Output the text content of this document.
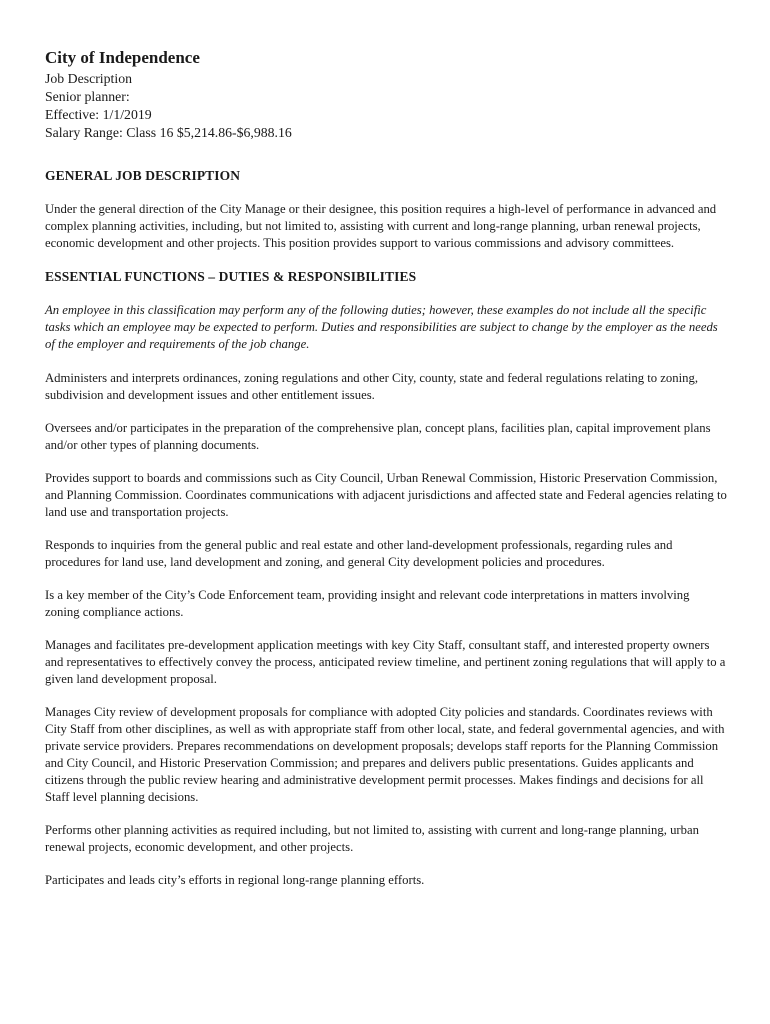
City of Independence

Job Description

Senior planner:

Effective: 1/1/2019

Salary Range: Class 16 $5,214.86-$6,988.16

GENERAL JOB DESCRIPTION

Under the general direction of the City Manage or their designee, this position requires a high-level of performance in advanced and complex planning activities, including, but not limited to, assisting with current and long-range planning, urban renewal projects, economic development and other projects. This position provides support to various commissions and advisory committees.

ESSENTIAL FUNCTIONS – DUTIES & RESPONSIBILITIES

An employee in this classification may perform any of the following duties; however, these examples do not include all the specific tasks which an employee may be expected to perform. Duties and responsibilities are subject to change by the employer as the needs of the employer and requirements of the job change.

Administers and interprets ordinances, zoning regulations and other City, county, state and federal regulations relating to zoning, subdivision and development issues and other entitlement issues.

Oversees and/or participates in the preparation of the comprehensive plan, concept plans, facilities plan, capital improvement plans and/or other types of planning documents.

Provides support to boards and commissions such as City Council, Urban Renewal Commission, Historic Preservation Commission, and Planning Commission. Coordinates communications with adjacent jurisdictions and affected state and Federal agencies relating to land use and transportation projects.

Responds to inquiries from the general public and real estate and other land-development professionals, regarding rules and procedures for land use, land development and zoning, and general City development policies and procedures.

Is a key member of the City’s Code Enforcement team, providing insight and relevant code interpretations in matters involving zoning compliance actions.

Manages and facilitates pre-development application meetings with key City Staff, consultant staff, and interested property owners and representatives to effectively convey the process, anticipated review timeline, and pertinent zoning regulations that will apply to a given land development proposal.

Manages City review of development proposals for compliance with adopted City policies and standards. Coordinates reviews with City Staff from other disciplines, as well as with appropriate staff from other local, state, and federal governmental agencies, and with private service providers. Prepares recommendations on development proposals; develops staff reports for the Planning Commission and City Council, and Historic Preservation Commission; and prepares and delivers public presentations. Guides applicants and citizens through the public review hearing and administrative development permit processes. Makes findings and decisions for all Staff level planning decisions.

Performs other planning activities as required including, but not limited to, assisting with current and long-range planning, urban renewal projects, economic development, and other projects.

Participates and leads city’s efforts in regional long-range planning efforts.
